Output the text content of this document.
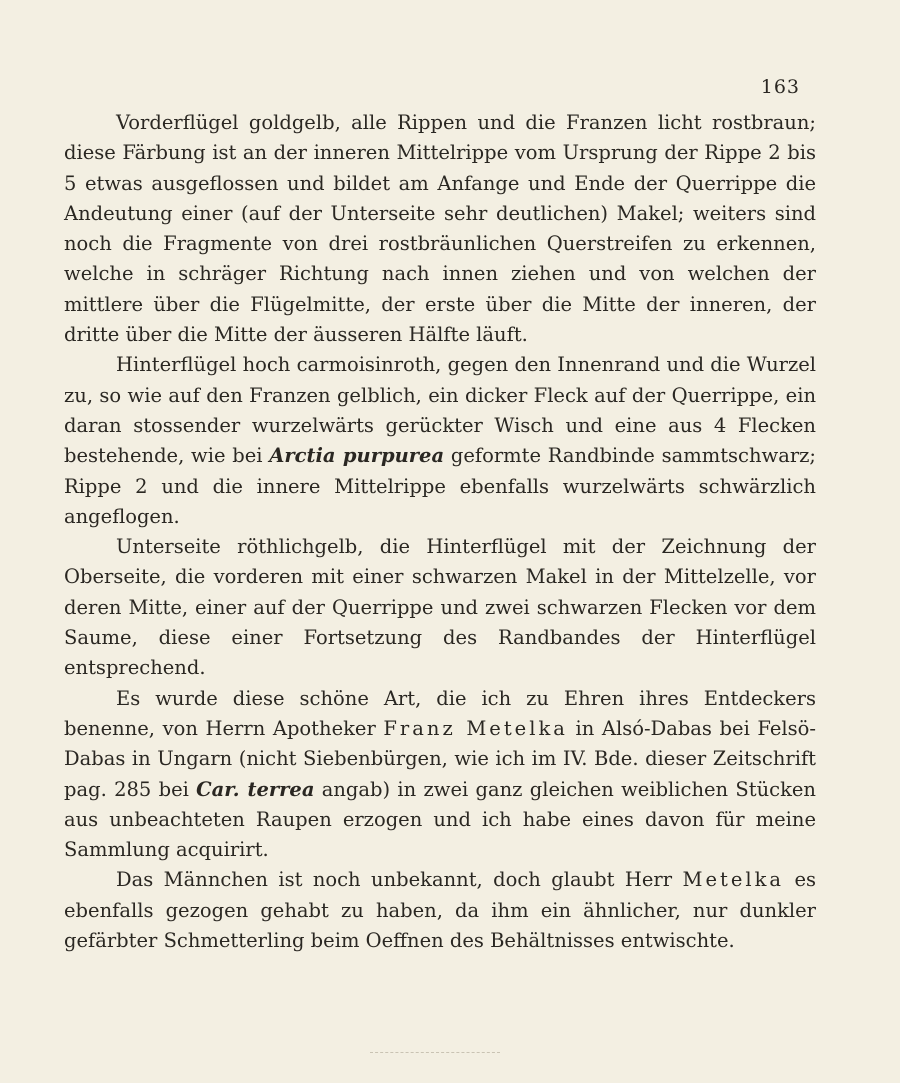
163

Vorderflügel goldgelb, alle Rippen und die Franzen licht rostbraun; diese Färbung ist an der inneren Mittelrippe vom Ursprung der Rippe 2 bis 5 etwas ausgeflossen und bildet am Anfange und Ende der Querrippe die Andeutung einer (auf der Unterseite sehr deutlichen) Makel; weiters sind noch die Fragmente von drei rostbräunlichen Querstreifen zu erkennen, welche in schräger Richtung nach innen ziehen und von welchen der mittlere über die Flügelmitte, der erste über die Mitte der inneren, der dritte über die Mitte der äusseren Hälfte läuft.

Hinterflügel hoch carmoisinroth, gegen den Innenrand und die Wurzel zu, so wie auf den Franzen gelblich, ein dicker Fleck auf der Querrippe, ein daran stossender wurzelwärts gerückter Wisch und eine aus 4 Flecken bestehende, wie bei Arctia purpurea geformte Randbinde sammtschwarz; Rippe 2 und die innere Mittelrippe ebenfalls wurzelwärts schwärzlich angeflogen.

Unterseite röthlichgelb, die Hinterflügel mit der Zeichnung der Oberseite, die vorderen mit einer schwarzen Makel in der Mittelzelle, vor deren Mitte, einer auf der Querrippe und zwei schwarzen Flecken vor dem Saume, diese einer Fortsetzung des Randbandes der Hinterflügel entsprechend.

Es wurde diese schöne Art, die ich zu Ehren ihres Entdeckers benenne, von Herrn Apotheker Franz Metelka in Alsó-Dabas bei Felsö-Dabas in Ungarn (nicht Siebenbürgen, wie ich im IV. Bde. dieser Zeitschrift pag. 285 bei Car. terrea angab) in zwei ganz gleichen weiblichen Stücken aus unbeachteten Raupen erzogen und ich habe eines davon für meine Sammlung acquirirt.

Das Männchen ist noch unbekannt, doch glaubt Herr Metelka es ebenfalls gezogen gehabt zu haben, da ihm ein ähnlicher, nur dunkler gefärbter Schmetterling beim Oeffnen des Behältnisses entwischte.
